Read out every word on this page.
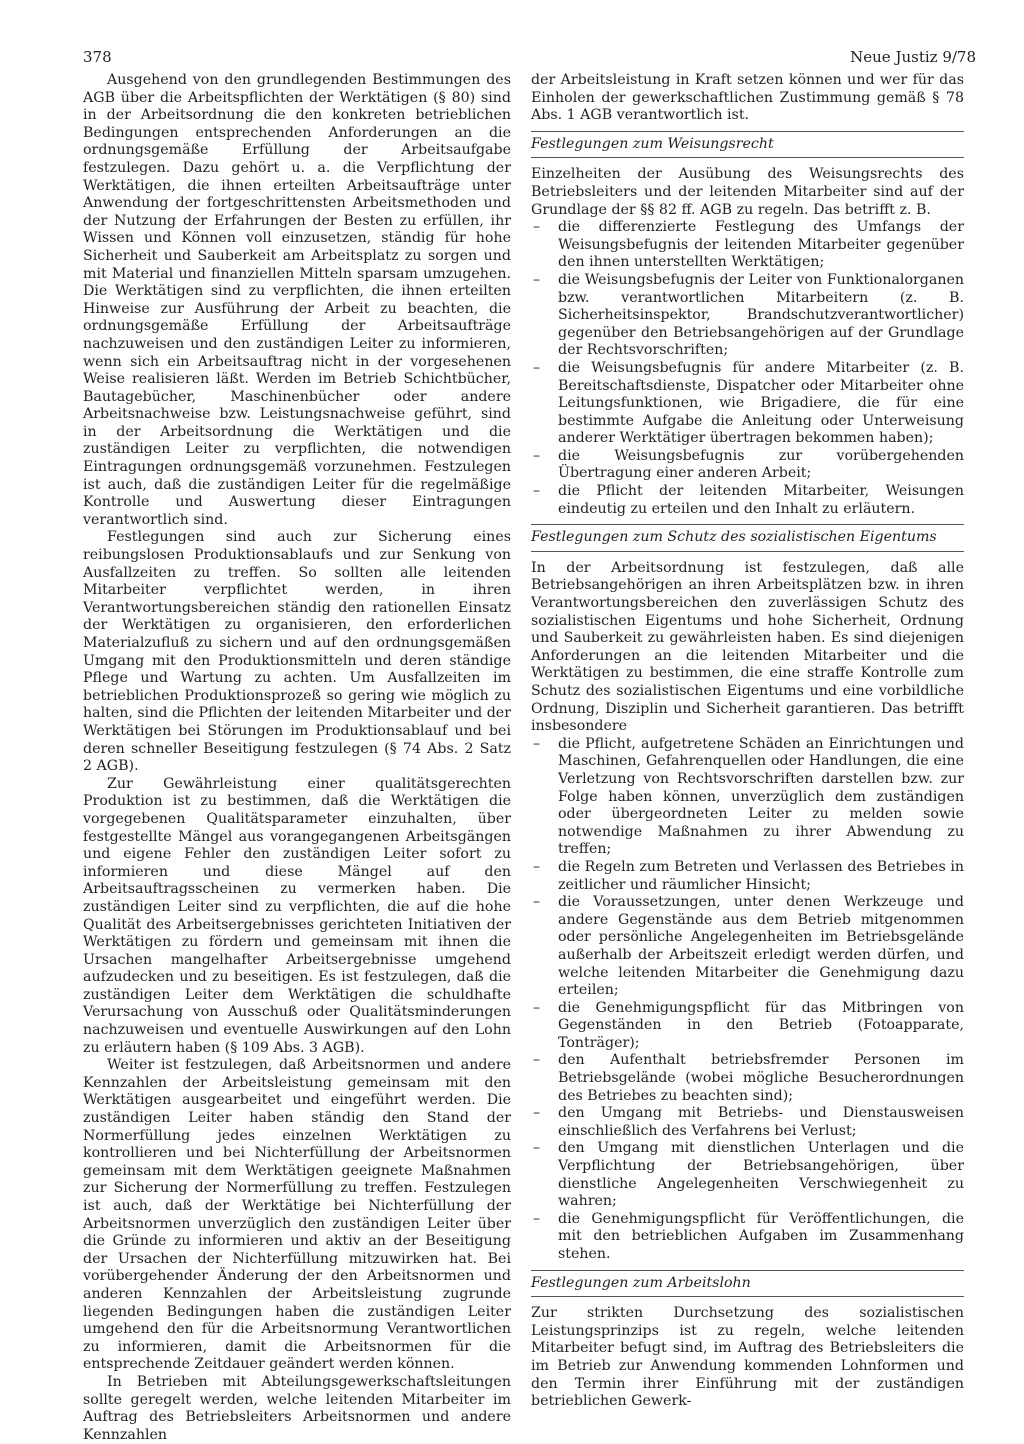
378	Neue Justiz 9/78

Ausgehend von den grundlegenden Bestimmungen des AGB über die Arbeitspflichten der Werktätigen (§ 80) sind in der Arbeitsordnung die den konkreten betrieblichen Bedingungen entsprechenden Anforderungen an die ordnungsgemäße Erfüllung der Arbeitsaufgabe festzulegen. Dazu gehört u. a. die Verpflichtung der Werktätigen, die ihnen erteilten Arbeitsaufträge unter Anwendung der fortgeschrittensten Arbeitsmethoden und der Nutzung der Erfahrungen der Besten zu erfüllen, ihr Wissen und Können voll einzusetzen, ständig für hohe Sicherheit und Sauberkeit am Arbeitsplatz zu sorgen und mit Material und finanziellen Mitteln sparsam umzugehen. Die Werktätigen sind zu verpflichten, die ihnen erteilten Hinweise zur Ausführung der Arbeit zu beachten, die ordnungsgemäße Erfüllung der Arbeitsaufträge nachzuweisen und den zuständigen Leiter zu informieren, wenn sich ein Arbeitsauftrag nicht in der vorgesehenen Weise realisieren läßt. Werden im Betrieb Schichtbücher, Bautagebücher, Maschinenbücher oder andere Arbeitsnachweise bzw. Leistungsnachweise geführt, sind in der Arbeitsordnung die Werktätigen und die zuständigen Leiter zu verpflichten, die notwendigen Eintragungen ordnungsgemäß vorzunehmen. Festzulegen ist auch, daß die zuständigen Leiter für die regelmäßige Kontrolle und Auswertung dieser Eintragungen verantwortlich sind.

Festlegungen sind auch zur Sicherung eines reibungslosen Produktionsablaufs und zur Senkung von Ausfallzeiten zu treffen. So sollten alle leitenden Mitarbeiter verpflichtet werden, in ihren Verantwortungsbereichen ständig den rationellen Einsatz der Werktätigen zu organisieren, den erforderlichen Materialzufluß zu sichern und auf den ordnungsgemäßen Umgang mit den Produktionsmitteln und deren ständige Pflege und Wartung zu achten. Um Ausfallzeiten im betrieblichen Produktionsprozeß so gering wie möglich zu halten, sind die Pflichten der leitenden Mitarbeiter und der Werktätigen bei Störungen im Produktionsablauf und bei deren schneller Beseitigung festzulegen (§ 74 Abs. 2 Satz 2 AGB).

Zur Gewährleistung einer qualitätsgerechten Produktion ist zu bestimmen, daß die Werktätigen die vorgegebenen Qualitätsparameter einzuhalten, über festgestellte Mängel aus vorangegangenen Arbeitsgängen und eigene Fehler den zuständigen Leiter sofort zu informieren und diese Mängel auf den Arbeitsauftragsscheinen zu vermerken haben. Die zuständigen Leiter sind zu verpflichten, die auf die hohe Qualität des Arbeitsergebnisses gerichteten Initiativen der Werktätigen zu fördern und gemeinsam mit ihnen die Ursachen mangelhafter Arbeitsergebnisse umgehend aufzudecken und zu beseitigen. Es ist festzulegen, daß die zuständigen Leiter dem Werktätigen die schuldhafte Verursachung von Ausschuß oder Qualitätsminderungen nachzuweisen und eventuelle Auswirkungen auf den Lohn zu erläutern haben (§ 109 Abs. 3 AGB).

Weiter ist festzulegen, daß Arbeitsnormen und andere Kennzahlen der Arbeitsleistung gemeinsam mit den Werktätigen ausgearbeitet und eingeführt werden. Die zuständigen Leiter haben ständig den Stand der Normerfüllung jedes einzelnen Werktätigen zu kontrollieren und bei Nichterfüllung der Arbeitsnormen gemeinsam mit dem Werktätigen geeignete Maßnahmen zur Sicherung der Normerfüllung zu treffen. Festzulegen ist auch, daß der Werktätige bei Nichterfüllung der Arbeitsnormen unverzüglich den zuständigen Leiter über die Gründe zu informieren und aktiv an der Beseitigung der Ursachen der Nichterfüllung mitzuwirken hat. Bei vorübergehender Änderung der den Arbeitsnormen und anderen Kennzahlen der Arbeitsleistung zugrunde liegenden Bedingungen haben die zuständigen Leiter umgehend den für die Arbeitsnormung Verantwortlichen zu informieren, damit die Arbeitsnormen für die entsprechende Zeitdauer geändert werden können.

In Betrieben mit Abteilungsgewerkschaftsleitungen sollte geregelt werden, welche leitenden Mitarbeiter im Auftrag des Betriebsleiters Arbeitsnormen und andere Kennzahlen

der Arbeitsleistung in Kraft setzen können und wer für das Einholen der gewerkschaftlichen Zustimmung gemäß § 78 Abs. 1 AGB verantwortlich ist.

Festlegungen zum Weisungsrecht

Einzelheiten der Ausübung des Weisungsrechts des Betriebsleiters und der leitenden Mitarbeiter sind auf der Grundlage der §§ 82 ff. AGB zu regeln. Das betrifft z. B.

– die differenzierte Festlegung des Umfangs der Weisungsbefugnis der leitenden Mitarbeiter gegenüber den ihnen unterstellten Werktätigen;
– die Weisungsbefugnis der Leiter von Funktionalorganen bzw. verantwortlichen Mitarbeitern (z. B. Sicherheitsinspektor, Brandschutzverantwortlicher) gegenüber den Betriebsangehörigen auf der Grundlage der Rechtsvorschriften;
– die Weisungsbefugnis für andere Mitarbeiter (z. B. Bereitschaftsdienste, Dispatcher oder Mitarbeiter ohne Leitungsfunktionen, wie Brigadiere, die für eine bestimmte Aufgabe die Anleitung oder Unterweisung anderer Werktätiger übertragen bekommen haben);
– die Weisungsbefugnis zur vorübergehenden Übertragung einer anderen Arbeit;
– die Pflicht der leitenden Mitarbeiter, Weisungen eindeutig zu erteilen und den Inhalt zu erläutern.

Festlegungen zum Schutz des sozialistischen Eigentums

In der Arbeitsordnung ist festzulegen, daß alle Betriebsangehörigen an ihren Arbeitsplätzen bzw. in ihren Verantwortungsbereichen den zuverlässigen Schutz des sozialistischen Eigentums und hohe Sicherheit, Ordnung und Sauberkeit zu gewährleisten haben. Es sind diejenigen Anforderungen an die leitenden Mitarbeiter und die Werktätigen zu bestimmen, die eine straffe Kontrolle zum Schutz des sozialistischen Eigentums und eine vorbildliche Ordnung, Disziplin und Sicherheit garantieren. Das betrifft insbesondere

– die Pflicht, aufgetretene Schäden an Einrichtungen und Maschinen, Gefahrenquellen oder Handlungen, die eine Verletzung von Rechtsvorschriften darstellen bzw. zur Folge haben können, unverzüglich dem zuständigen oder übergeordneten Leiter zu melden sowie notwendige Maßnahmen zu ihrer Abwendung zu treffen;
– die Regeln zum Betreten und Verlassen des Betriebes in zeitlicher und räumlicher Hinsicht;
– die Voraussetzungen, unter denen Werkzeuge und andere Gegenstände aus dem Betrieb mitgenommen oder persönliche Angelegenheiten im Betriebsgelände außerhalb der Arbeitszeit erledigt werden dürfen, und welche leitenden Mitarbeiter die Genehmigung dazu erteilen;
– die Genehmigungspflicht für das Mitbringen von Gegenständen in den Betrieb (Fotoapparate, Tonträger);
– den Aufenthalt betriebsfremder Personen im Betriebsgelände (wobei mögliche Besucherordnungen des Betriebes zu beachten sind);
– den Umgang mit Betriebs- und Dienstausweisen einschließlich des Verfahrens bei Verlust;
– den Umgang mit dienstlichen Unterlagen und die Verpflichtung der Betriebsangehörigen, über dienstliche Angelegenheiten Verschwiegenheit zu wahren;
– die Genehmigungspflicht für Veröffentlichungen, die mit den betrieblichen Aufgaben im Zusammenhang stehen.

Festlegungen zum Arbeitslohn

Zur strikten Durchsetzung des sozialistischen Leistungsprinzips ist zu regeln, welche leitenden Mitarbeiter befugt sind, im Auftrag des Betriebsleiters die im Betrieb zur Anwendung kommenden Lohnformen und den Termin ihrer Einführung mit der zuständigen betrieblichen Gewerk-
